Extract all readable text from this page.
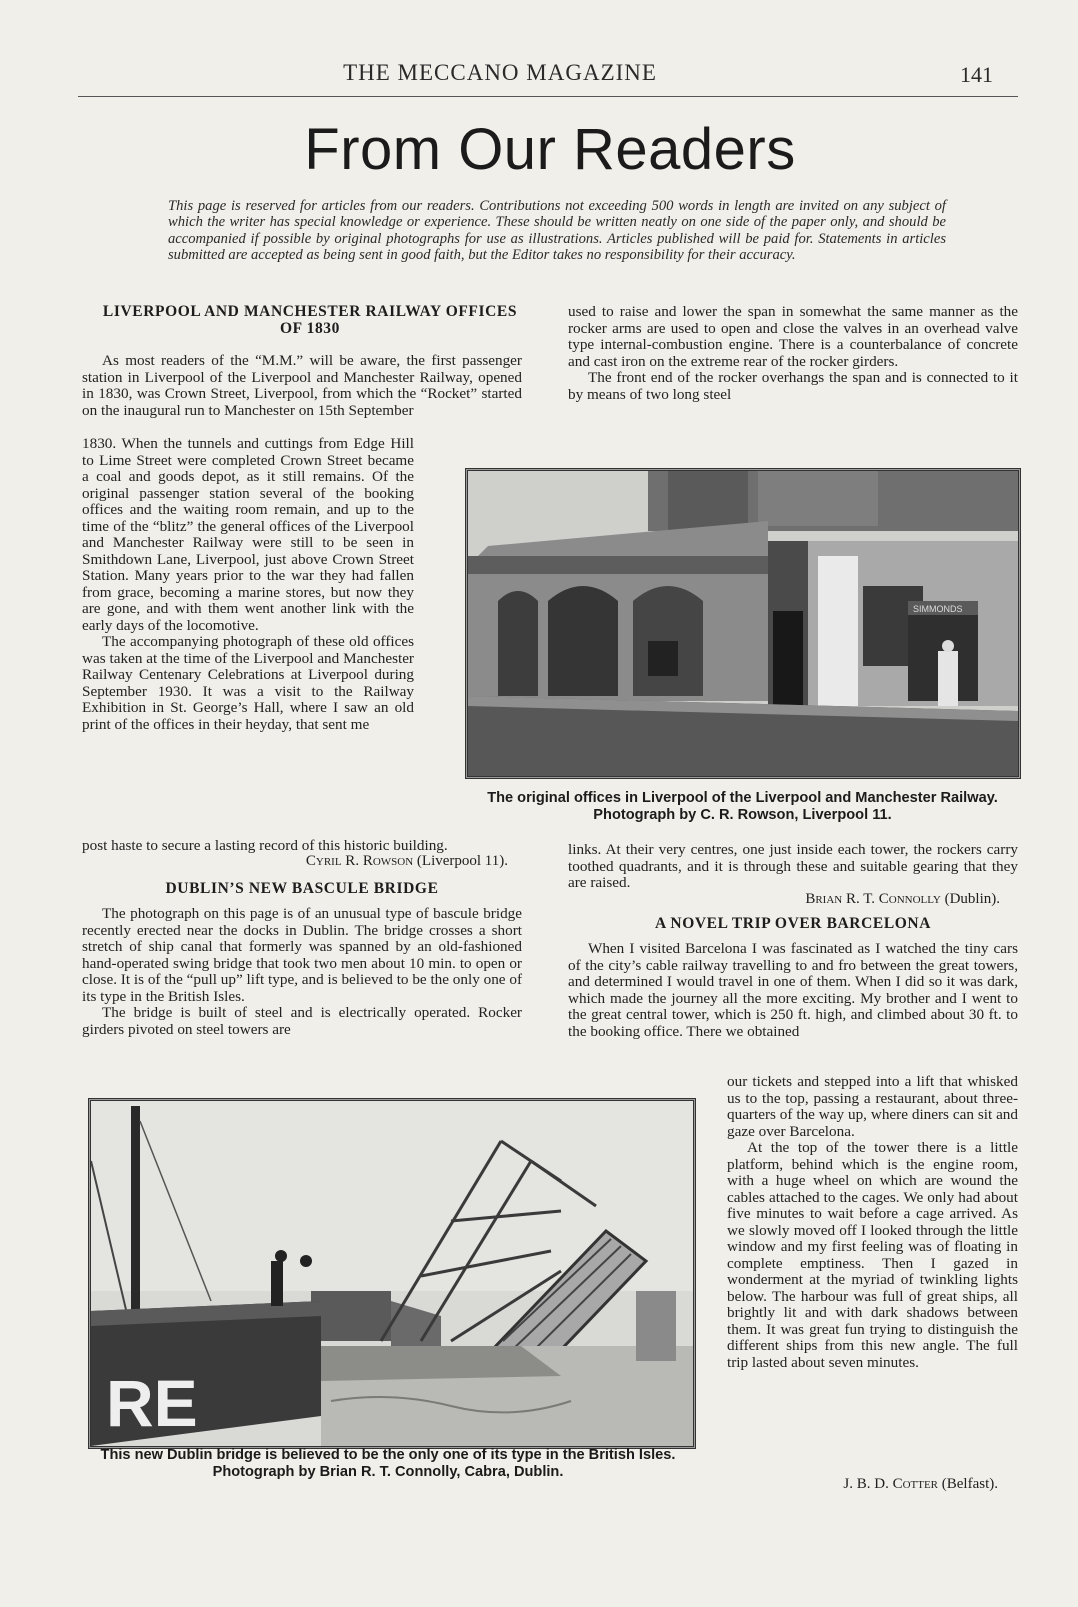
THE MECCANO MAGAZINE	141
From Our Readers
This page is reserved for articles from our readers. Contributions not exceeding 500 words in length are invited on any subject of which the writer has special knowledge or experience. These should be written neatly on one side of the paper only, and should be accompanied if possible by original photographs for use as illustrations. Articles published will be paid for. Statements in articles submitted are accepted as being sent in good faith, but the Editor takes no responsibility for their accuracy.
LIVERPOOL AND MANCHESTER RAILWAY OFFICES OF 1830

As most readers of the “M.M.” will be aware, the first passenger station in Liverpool of the Liverpool and Manchester Railway, opened in 1830, was Crown Street, Liverpool, from which the “Rocket” started on the inaugural run to Manchester on 15th September

1830. When the tunnels and cuttings from Edge Hill to Lime Street were completed Crown Street became a coal and goods depot, as it still remains. Of the original passenger station several of the booking offices and the waiting room remain, and up to the time of the “blitz” the general offices of the Liverpool and Manchester Railway were still to be seen in Smithdown Lane, Liverpool, just above Crown Street Station. Many years prior to the war they had fallen from grace, becoming a marine stores, but now they are gone, and with them went another link with the early days of the locomotive.

The accompanying photograph of these old offices was taken at the time of the Liverpool and Manchester Railway Centenary Celebrations at Liverpool during September 1930. It was a visit to the Railway Exhibition in St. George’s Hall, where I saw an old print of the offices in their heyday, that sent me

post haste to secure a lasting record of this historic building.

Cyril R. Rowson (Liverpool 11).
DUBLIN’S NEW BASCULE BRIDGE

The photograph on this page is of an unusual type of bascule bridge recently erected near the docks in Dublin. The bridge crosses a short stretch of ship canal that formerly was spanned by an old-fashioned hand-operated swing bridge that took two men about 10 min. to open or close. It is of the “pull up” lift type, and is believed to be the only one of its type in the British Isles.

The bridge is built of steel and is electrically operated. Rocker girders pivoted on steel towers are

used to raise and lower the span in somewhat the same manner as the rocker arms are used to open and close the valves in an overhead valve type internal-combustion engine. There is a counterbalance of concrete and cast iron on the extreme rear of the rocker girders.

The front end of the rocker overhangs the span and is connected to it by means of two long steel

SIMMONDS
The original offices in Liverpool of the Liverpool and Manchester Railway. Photograph by C. R. Rowson, Liverpool 11.

links. At their very centres, one just inside each tower, the rockers carry toothed quadrants, and it is through these and suitable gearing that they are raised.

Brian R. T. Connolly (Dublin).
A NOVEL TRIP OVER BARCELONA

When I visited Barcelona I was fascinated as I watched the tiny cars of the city’s cable railway travelling to and fro between the great towers, and determined I would travel in one of them. When I did so it was dark, which made the journey all the more exciting. My brother and I went to the great central tower, which is 250 ft. high, and climbed about 30 ft. to the booking office. There we obtained

our tickets and stepped into a lift that whisked us to the top, passing a restaurant, about three-quarters of the way up, where diners can sit and gaze over Barcelona.

At the top of the tower there is a little platform, behind which is the engine room, with a huge wheel on which are wound the cables attached to the cages. We only had about five minutes to wait before a cage arrived. As we slowly moved off I looked through the little window and my first feeling was of floating in complete emptiness. Then I gazed in wonderment at the myriad of twinkling lights below. The harbour was full of great ships, all brightly lit and with dark shadows between them. It was great fun trying to distinguish the different ships from this new angle. The full trip lasted about seven minutes.

J. B. D. Cotter (Belfast).
RE
This new Dublin bridge is believed to be the only one of its type in the British Isles. Photograph by Brian R. T. Connolly, Cabra, Dublin.
